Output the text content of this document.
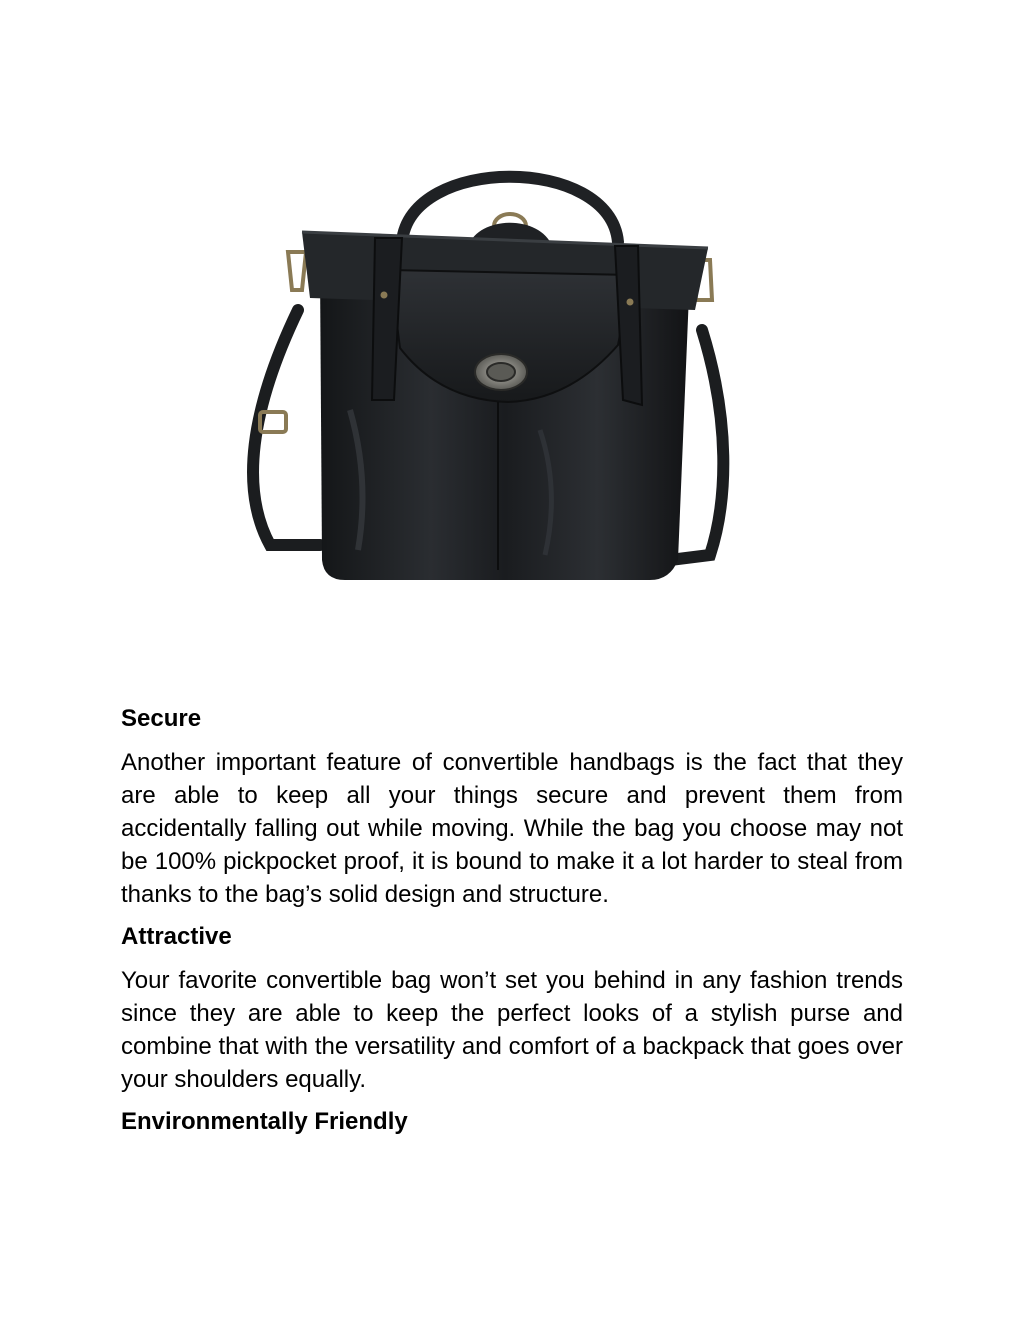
Secure

Another important feature of convertible handbags is the fact that they are able to keep all your things secure and prevent them from accidentally falling out while moving. While the bag you choose may not be 100% pickpocket proof, it is bound to make it a lot harder to steal from thanks to the bag’s solid design and structure.

Attractive

Your favorite convertible bag won’t set you behind in any fashion trends since they are able to keep the perfect looks of a stylish purse and combine that with the versatility and comfort of a backpack that goes over your shoulders equally.

Environmentally Friendly
